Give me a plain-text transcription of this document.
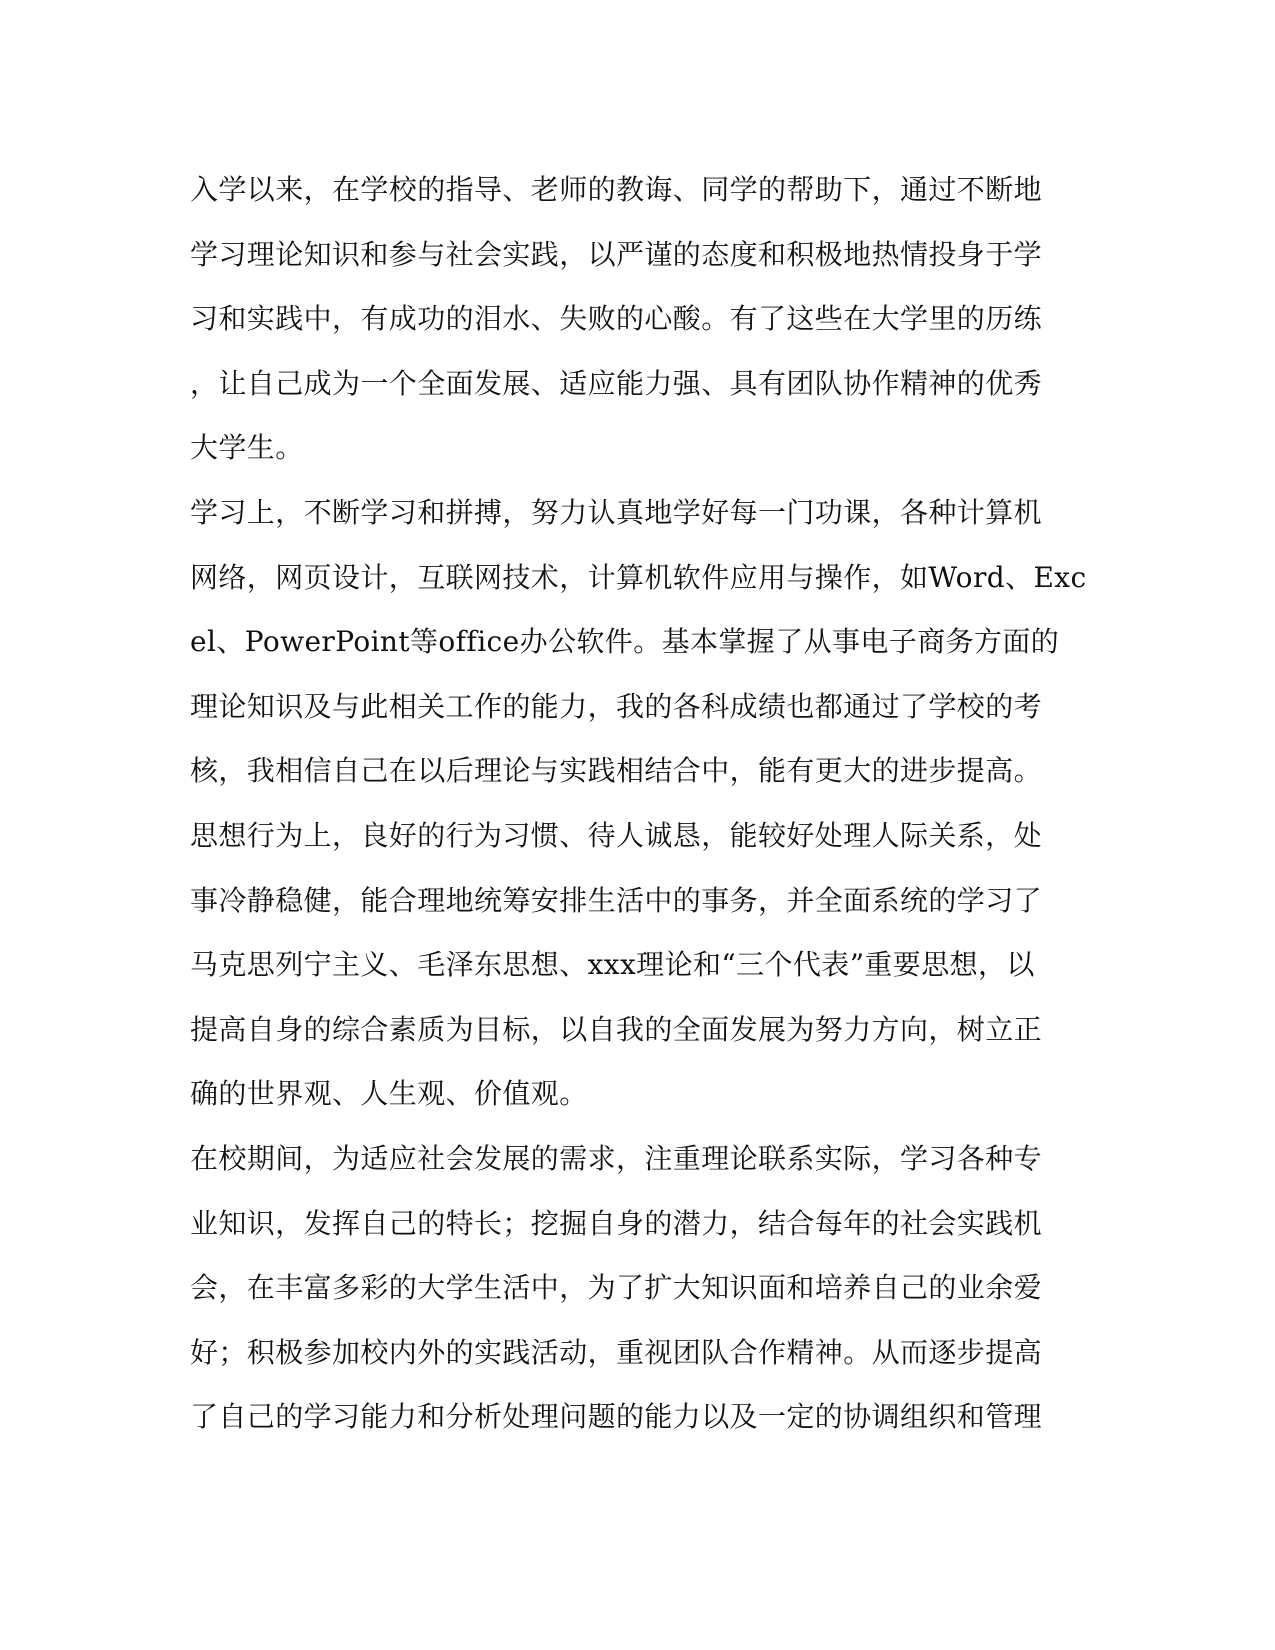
入学以来，在学校的指导、老师的教诲、同学的帮助下，通过不断地
学习理论知识和参与社会实践，以严谨的态度和积极地热情投身于学
习和实践中，有成功的泪水、失败的心酸。有了这些在大学里的历练
，让自己成为一个全面发展、适应能力强、具有团队协作精神的优秀
大学生。
学习上，不断学习和拼搏，努力认真地学好每一门功课，各种计算机
网络，网页设计，互联网技术，计算机软件应用与操作，如Word、Exc
el、PowerPoint等office办公软件。基本掌握了从事电子商务方面的
理论知识及与此相关工作的能力，我的各科成绩也都通过了学校的考
核，我相信自己在以后理论与实践相结合中，能有更大的进步提高。
思想行为上，良好的行为习惯、待人诚恳，能较好处理人际关系，处
事冷静稳健，能合理地统筹安排生活中的事务，并全面系统的学习了
马克思列宁主义、毛泽东思想、xxx理论和“三个代表”重要思想，以
提高自身的综合素质为目标，以自我的全面发展为努力方向，树立正
确的世界观、人生观、价值观。
在校期间，为适应社会发展的需求，注重理论联系实际，学习各种专
业知识，发挥自己的特长；挖掘自身的潜力，结合每年的社会实践机
会，在丰富多彩的大学生活中，为了扩大知识面和培养自己的业余爱
好；积极参加校内外的实践活动，重视团队合作精神。从而逐步提高
了自己的学习能力和分析处理问题的能力以及一定的协调组织和管理
